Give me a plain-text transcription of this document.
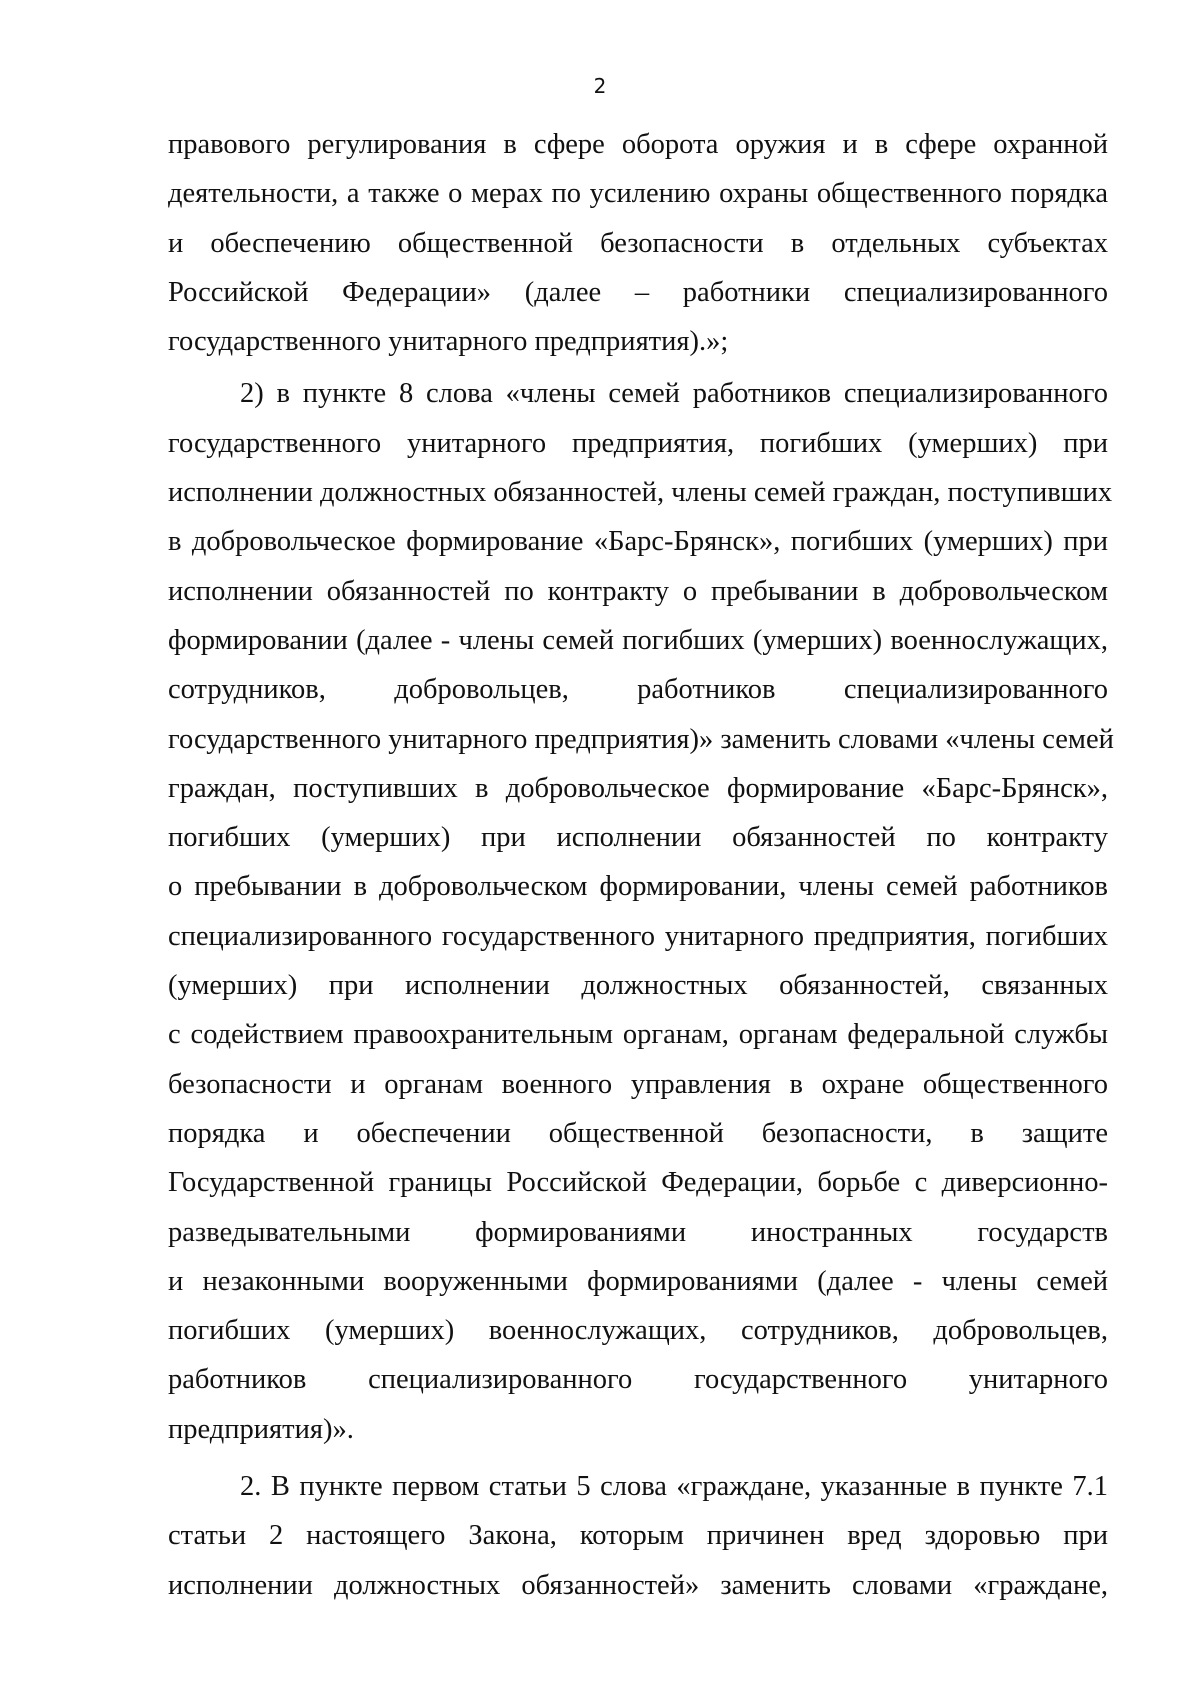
2
правового регулирования в сфере оборота оружия и в сфере охранной
деятельности, а также о мерах по усилению охраны общественного порядка
и обеспечению общественной безопасности в отдельных субъектах
Российской Федерации» (далее – работники специализированного
государственного унитарного предприятия).»;
2) в пункте 8 слова «члены семей работников специализированного
государственного унитарного предприятия, погибших (умерших) при
исполнении должностных обязанностей, члены семей граждан, поступивших
в добровольческое формирование «Барс-Брянск», погибших (умерших) при
исполнении обязанностей по контракту о пребывании в добровольческом
формировании (далее - члены семей погибших (умерших) военнослужащих,
сотрудников, добровольцев, работников специализированного
государственного унитарного предприятия)» заменить словами «члены семей
граждан, поступивших в добровольческое формирование «Барс-Брянск»,
погибших (умерших) при исполнении обязанностей по контракту
о пребывании в добровольческом формировании, члены семей работников
специализированного государственного унитарного предприятия, погибших
(умерших) при исполнении должностных обязанностей, связанных
с содействием правоохранительным органам, органам федеральной службы
безопасности и органам военного управления в охране общественного
порядка и обеспечении общественной безопасности, в защите
Государственной границы Российской Федерации, борьбе с диверсионно-
разведывательными формированиями иностранных государств
и незаконными вооруженными формированиями (далее - члены семей
погибших (умерших) военнослужащих, сотрудников, добровольцев,
работников специализированного государственного унитарного
предприятия)».
2. В пункте первом статьи 5 слова «граждане, указанные в пункте 7.1
статьи 2 настоящего Закона, которым причинен вред здоровью при
исполнении должностных обязанностей» заменить словами «граждане,
